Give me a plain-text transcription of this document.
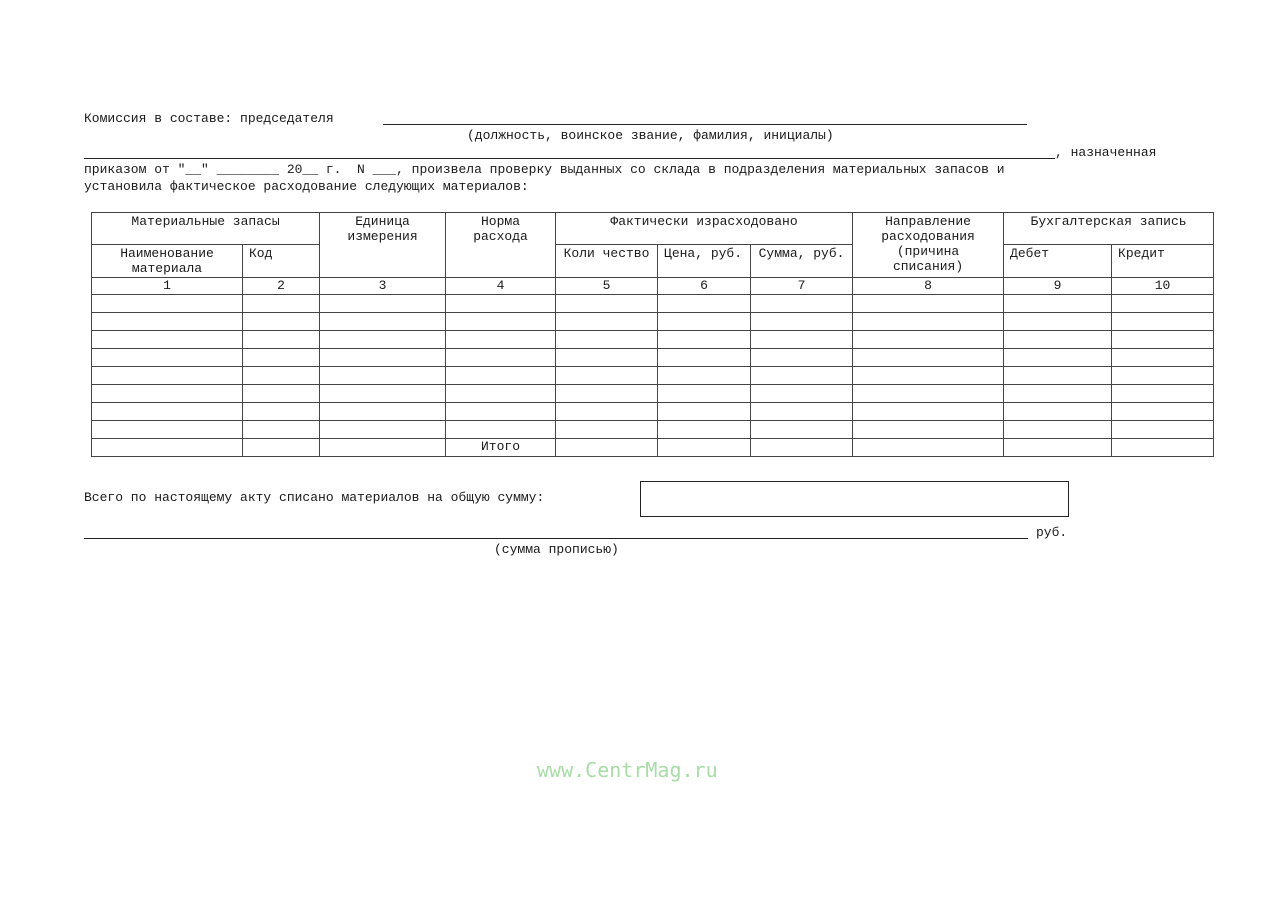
Комиссия в составе: председателя
(должность, воинское звание, фамилия, инициалы)
, назначенная
приказом от "__" ________ 20__ г.  N ___, произвела проверку выданных со склада в подразделения материальных запасов и
установила фактическое расходование следующих материалов:
Материальные запасы		Единица измерения	Норма расхода	Фактически израсходовано			Направление расходования (причина списания)	Бухгалтерская запись	
Наименование материала	Код			Коли чество	Цена, руб.	Сумма, руб.		Дебет	Кредит
1	2	3	4	5	6	7	8	9	10

			Итого						
Всего по настоящему акту списано материалов на общую сумму:
руб.
(сумма прописью)
www.CentrMag.ru
